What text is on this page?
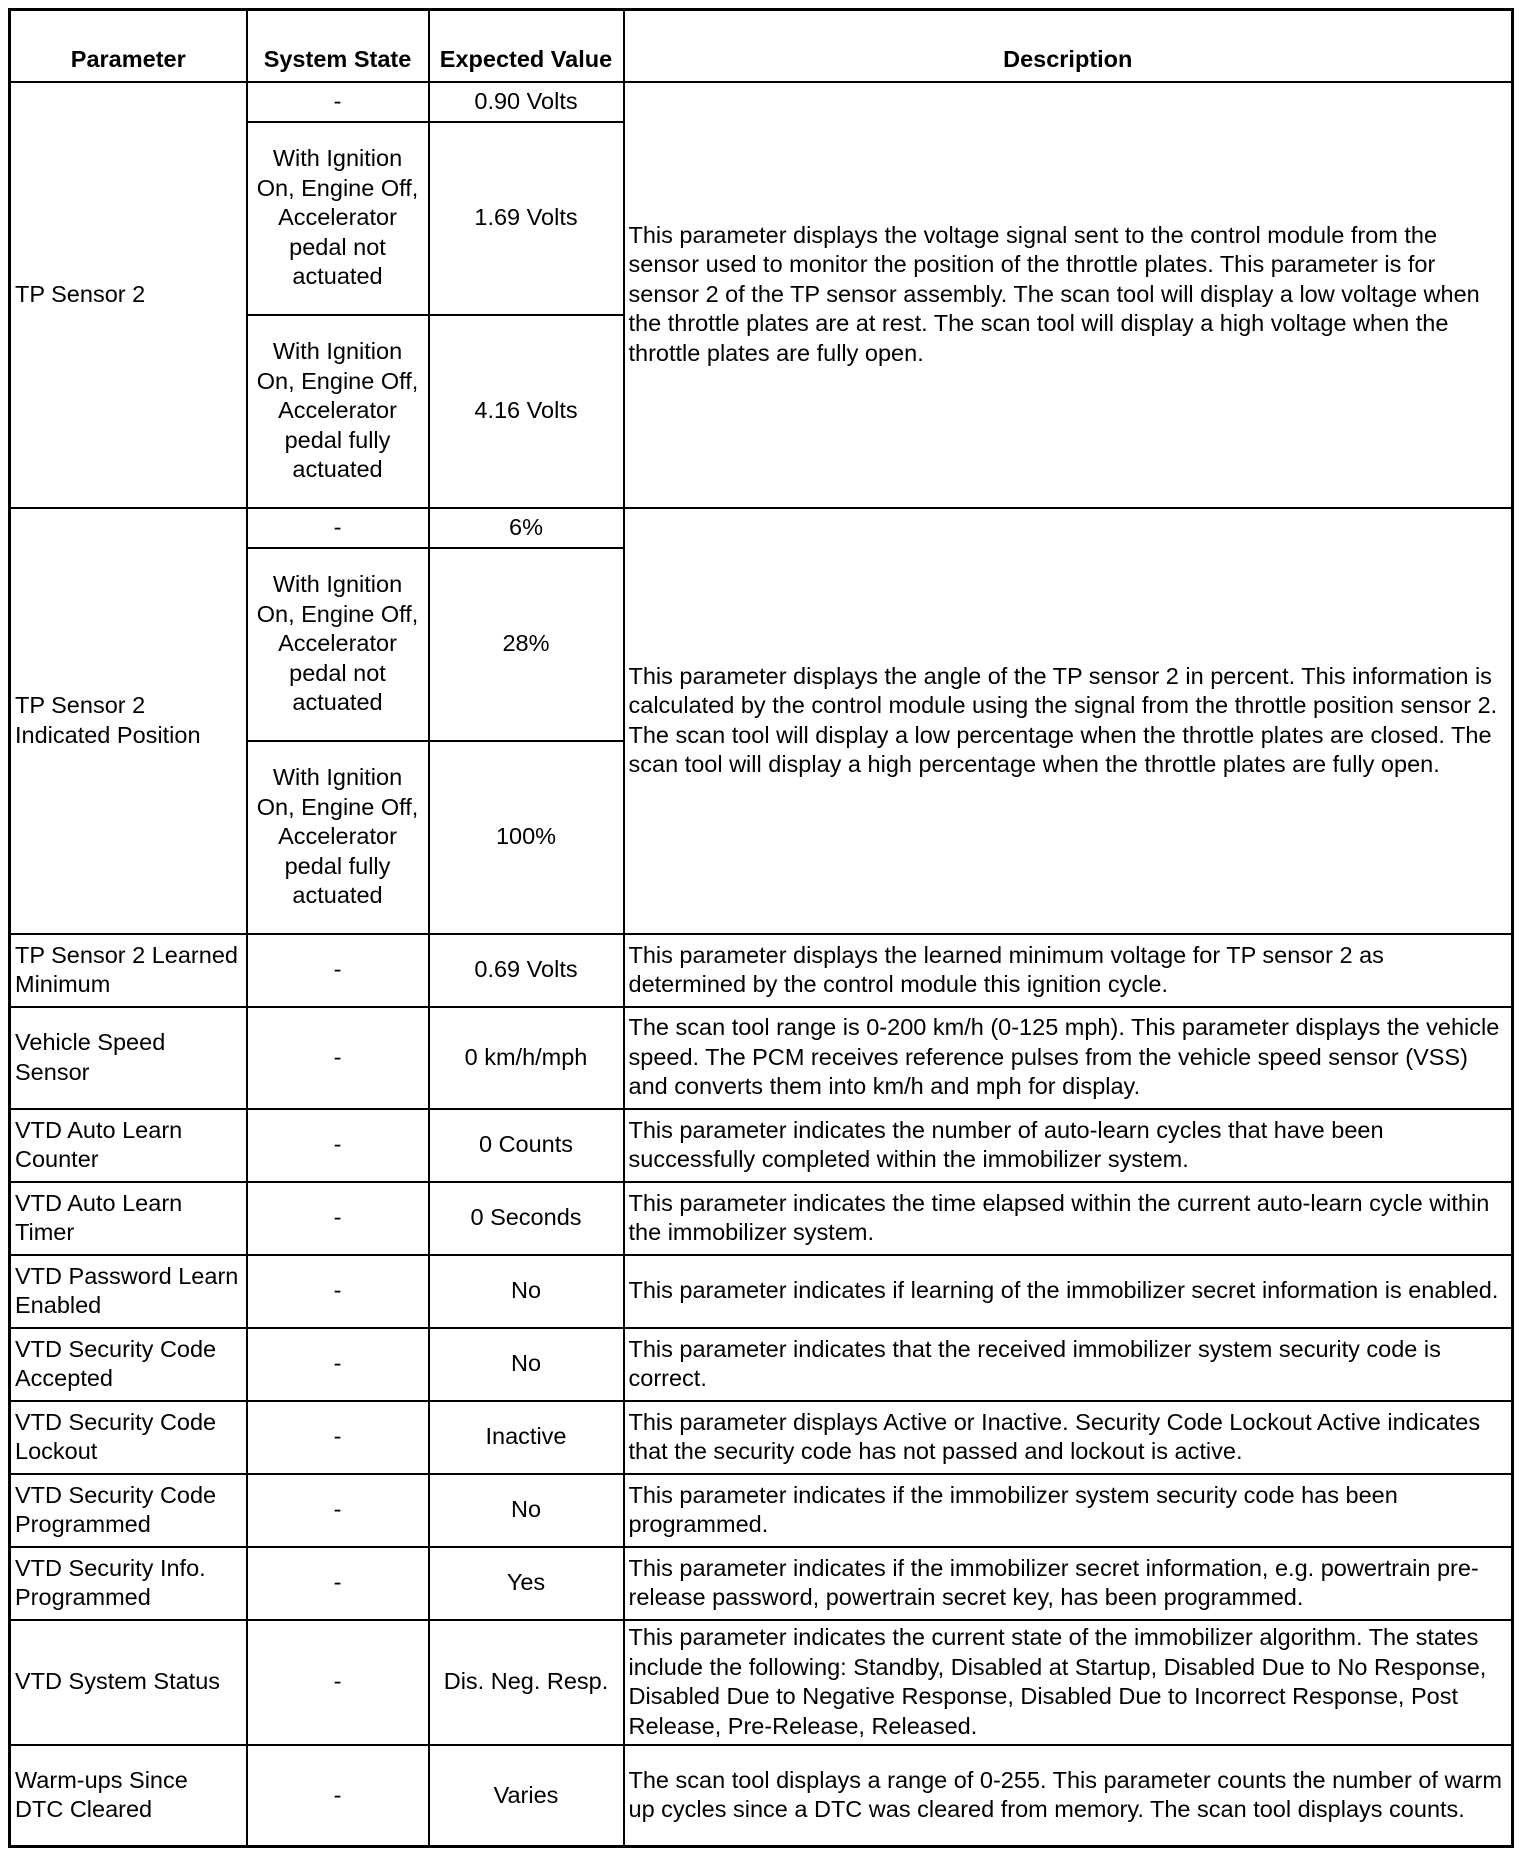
Parameter	System State	Expected Value	Description
TP Sensor 2	-	0.90 Volts	This parameter displays the voltage signal sent to the control module from the sensor used to monitor the position of the throttle plates. This parameter is for sensor 2 of the TP sensor assembly. The scan tool will display a low voltage when the throttle plates are at rest. The scan tool will display a high voltage when the throttle plates are fully open.
	With Ignition On, Engine Off, Accelerator pedal not actuated	1.69 Volts	
	With Ignition On, Engine Off, Accelerator pedal fully actuated	4.16 Volts	
TP Sensor 2 Indicated Position	-	6%	This parameter displays the angle of the TP sensor 2 in percent. This information is calculated by the control module using the signal from the throttle position sensor 2. The scan tool will display a low percentage when the throttle plates are closed. The scan tool will display a high percentage when the throttle plates are fully open.
	With Ignition On, Engine Off, Accelerator pedal not actuated	28%	
	With Ignition On, Engine Off, Accelerator pedal fully actuated	100%	
TP Sensor 2 Learned Minimum	-	0.69 Volts	This parameter displays the learned minimum voltage for TP sensor 2 as determined by the control module this ignition cycle.
Vehicle Speed Sensor	-	0 km/h/mph	The scan tool range is 0-200 km/h (0-125 mph). This parameter displays the vehicle speed. The PCM receives reference pulses from the vehicle speed sensor (VSS) and converts them into km/h and mph for display.
VTD Auto Learn Counter	-	0 Counts	This parameter indicates the number of auto-learn cycles that have been successfully completed within the immobilizer system.
VTD Auto Learn Timer	-	0 Seconds	This parameter indicates the time elapsed within the current auto-learn cycle within the immobilizer system.
VTD Password Learn Enabled	-	No	This parameter indicates if learning of the immobilizer secret information is enabled.
VTD Security Code Accepted	-	No	This parameter indicates that the received immobilizer system security code is correct.
VTD Security Code Lockout	-	Inactive	This parameter displays Active or Inactive. Security Code Lockout Active indicates that the security code has not passed and lockout is active.
VTD Security Code Programmed	-	No	This parameter indicates if the immobilizer system security code has been programmed.
VTD Security Info. Programmed	-	Yes	This parameter indicates if the immobilizer secret information, e.g. powertrain pre-release password, powertrain secret key, has been programmed.
VTD System Status	-	Dis. Neg. Resp.	This parameter indicates the current state of the immobilizer algorithm. The states include the following: Standby, Disabled at Startup, Disabled Due to No Response, Disabled Due to Negative Response, Disabled Due to Incorrect Response, Post Release, Pre-Release, Released.
Warm-ups Since DTC Cleared	-	Varies	The scan tool displays a range of 0-255. This parameter counts the number of warm up cycles since a DTC was cleared from memory. The scan tool displays counts.
